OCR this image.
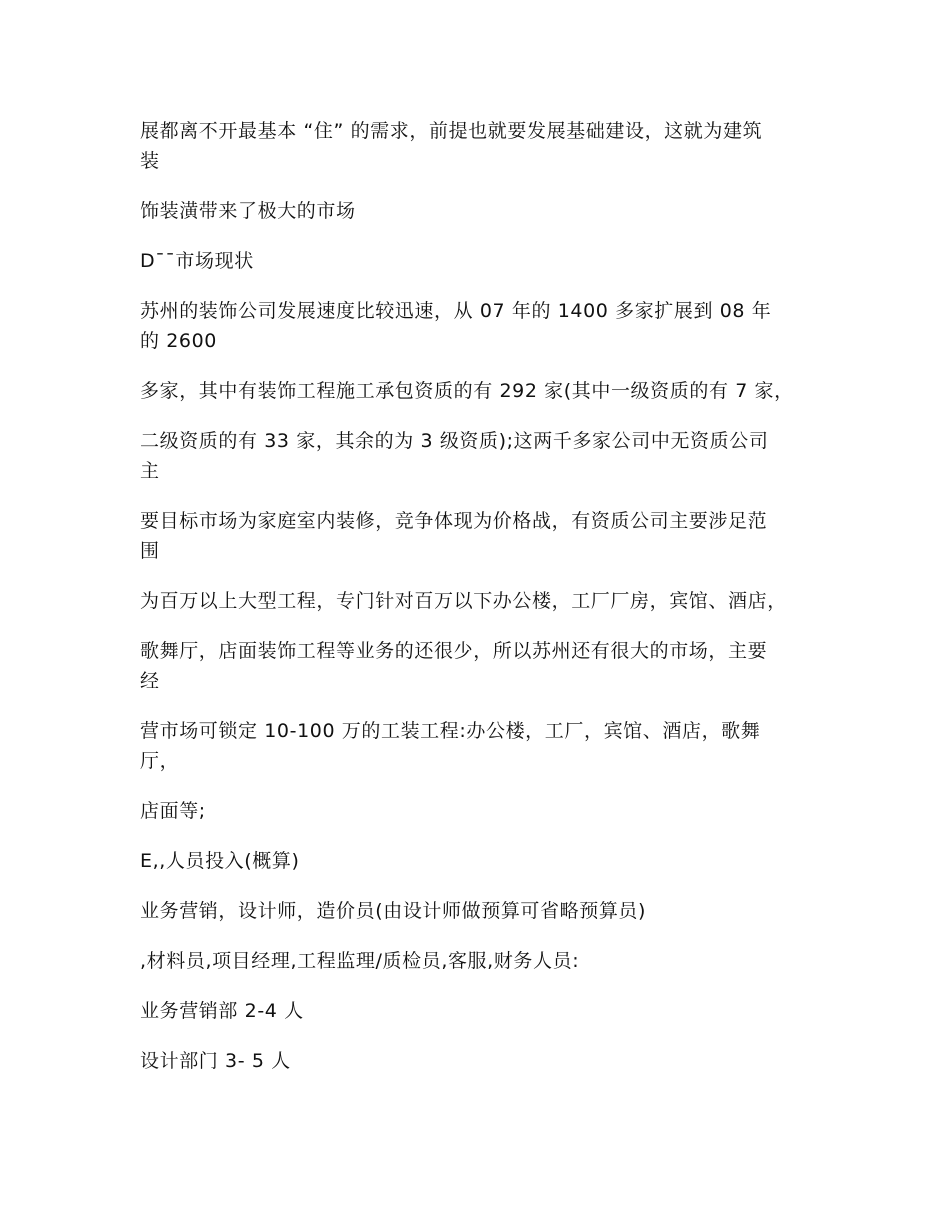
展都离不开最基本 “住” 的需求，前提也就要发展基础建设，这就为建筑
装
饰装潢带来了极大的市场
D¯¯市场现状
苏州的装饰公司发展速度比较迅速，从 07 年的 1400 多家扩展到 08 年
的 2600
多家，其中有装饰工程施工承包资质的有 292 家(其中一级资质的有 7 家，
二级资质的有 33 家，其余的为 3 级资质);这两千多家公司中无资质公司
主
要目标市场为家庭室内装修，竞争体现为价格战，有资质公司主要涉足范
围
为百万以上大型工程，专门针对百万以下办公楼，工厂厂房，宾馆、酒店，
歌舞厅，店面装饰工程等业务的还很少，所以苏州还有很大的市场，主要
经
营市场可锁定 10-100 万的工装工程:办公楼，工厂，宾馆、酒店，歌舞
厅，
店面等;
E,,人员投入(概算)
业务营销，设计师，造价员(由设计师做预算可省略预算员)
,材料员,项目经理,工程监理/质检员,客服,财务人员:
业务营销部 2-4 人
设计部门 3- 5 人
